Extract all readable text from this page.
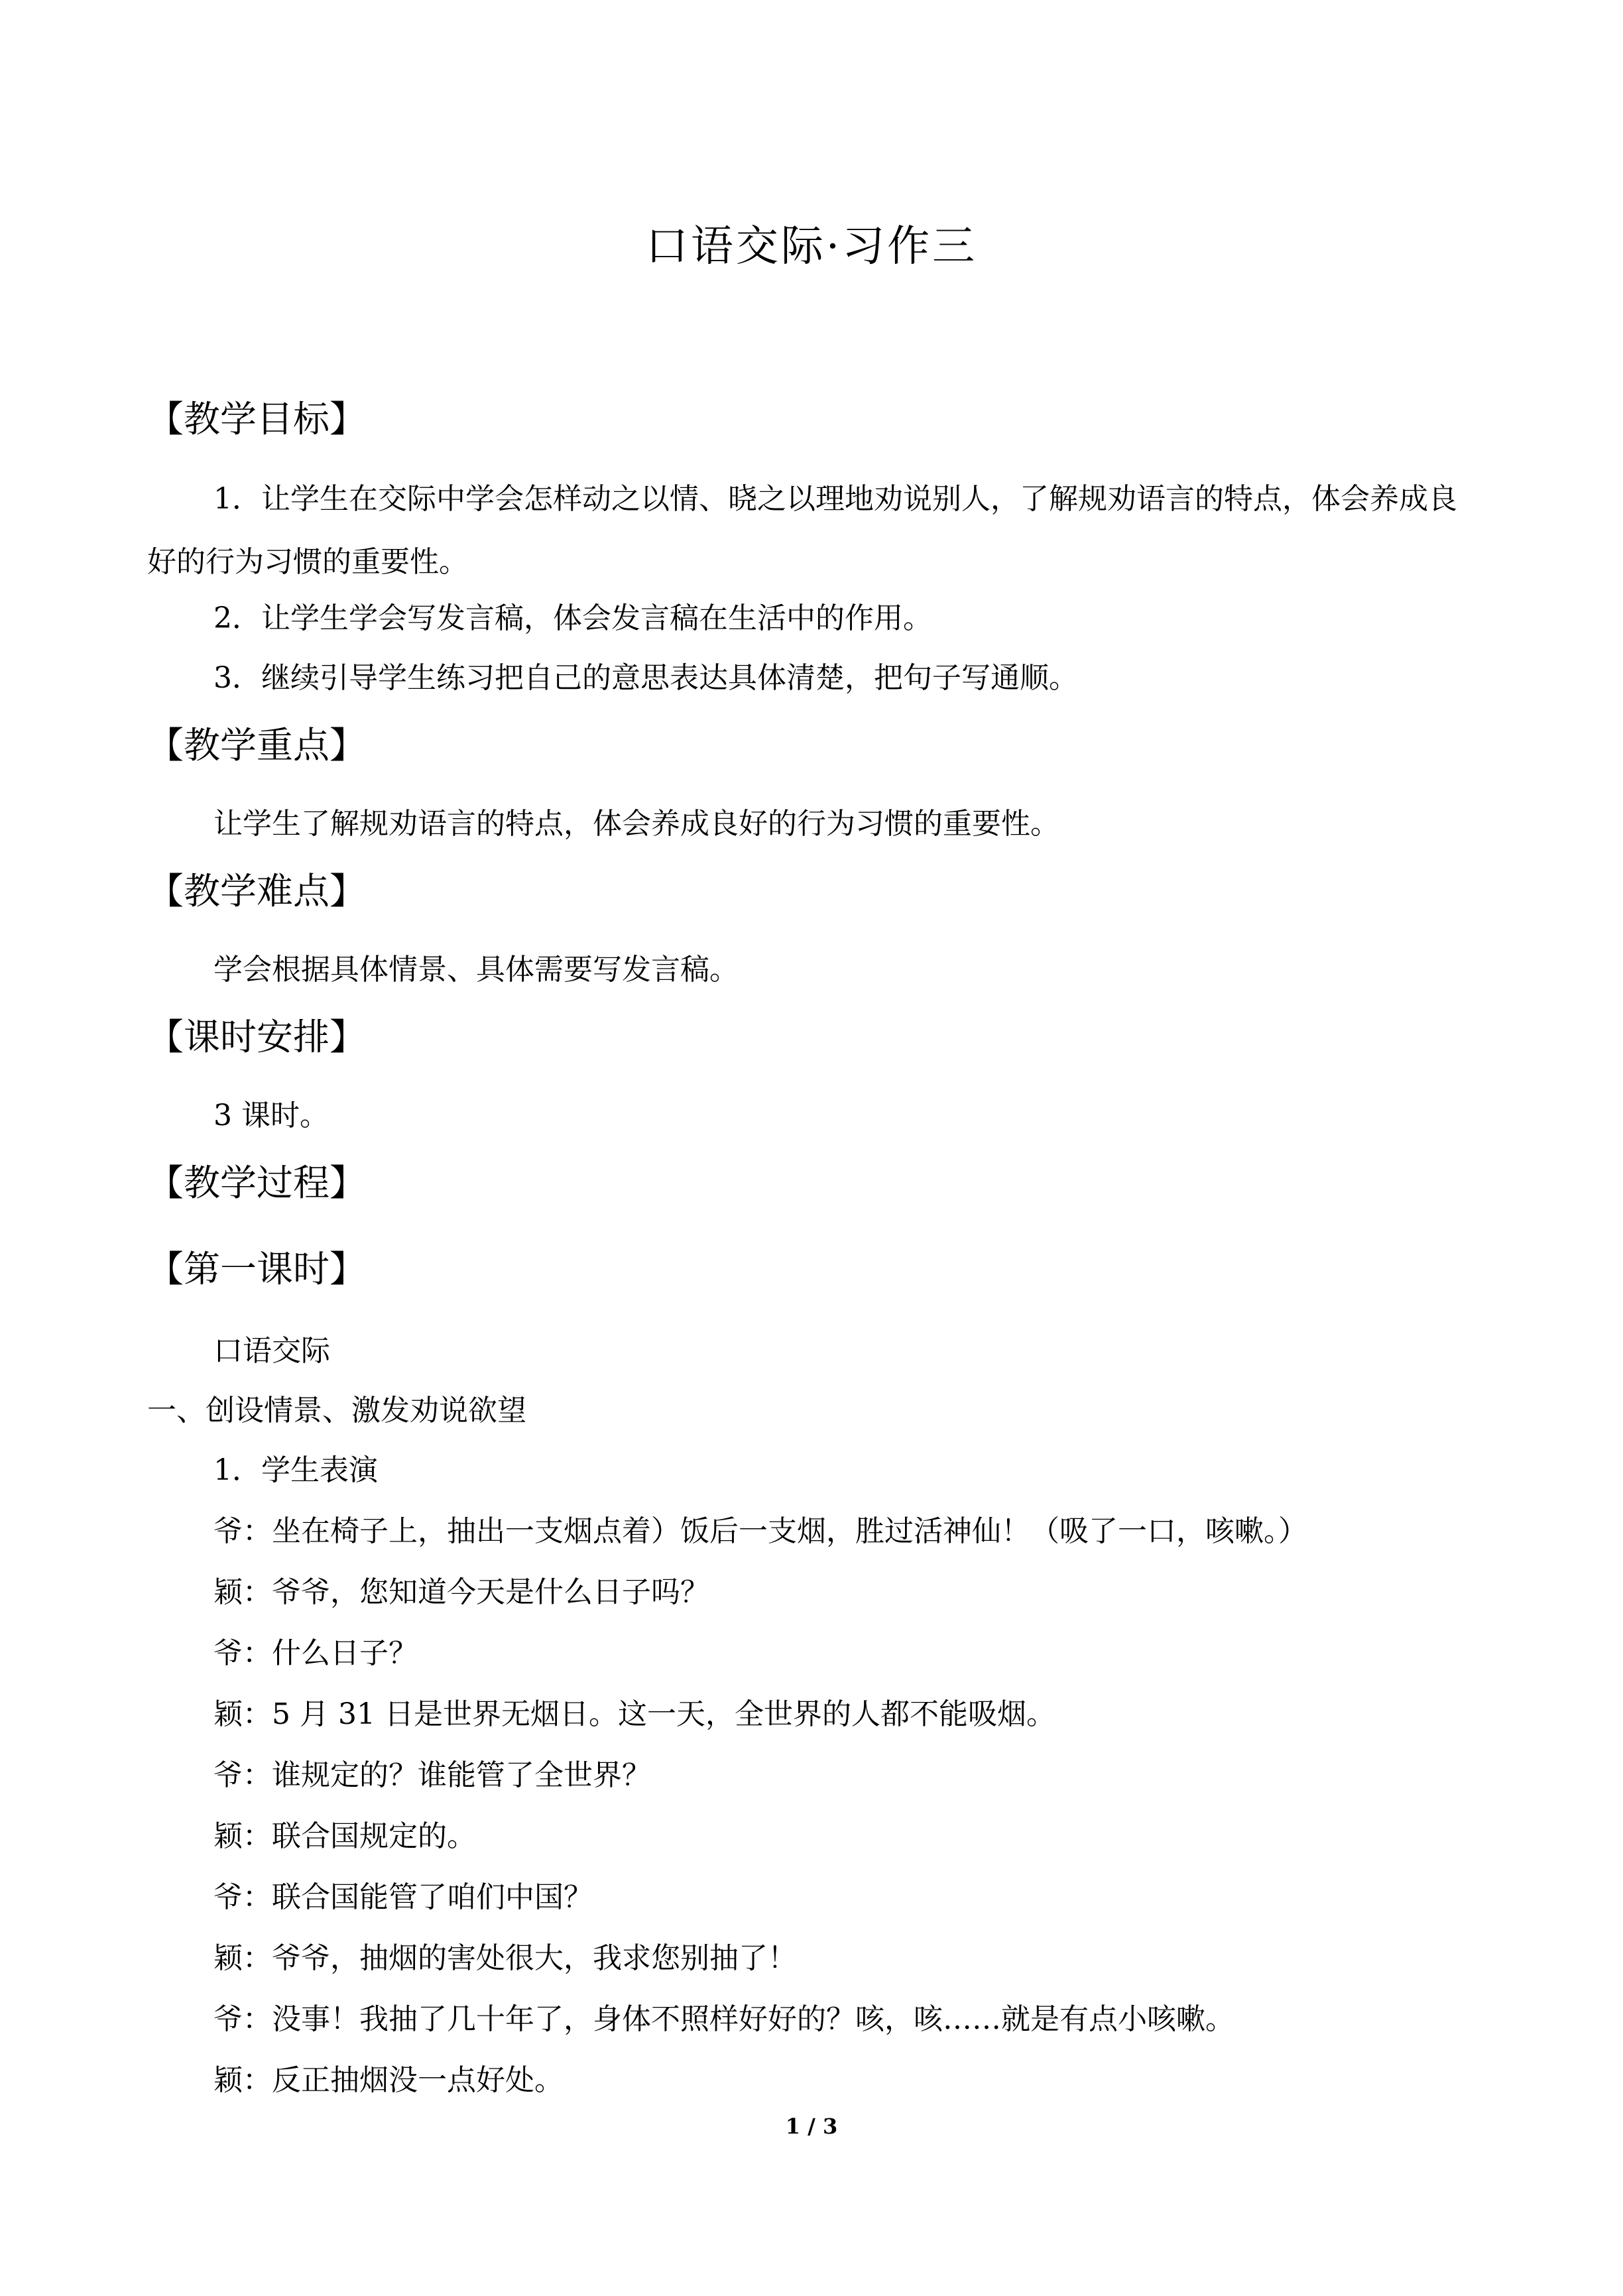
口语交际·习作三
【教学目标】
1．让学生在交际中学会怎样动之以情、晓之以理地劝说别人，了解规劝语言的特点，体会养成良好的行为习惯的重要性。
2．让学生学会写发言稿，体会发言稿在生活中的作用。
3．继续引导学生练习把自己的意思表达具体清楚，把句子写通顺。
【教学重点】
让学生了解规劝语言的特点，体会养成良好的行为习惯的重要性。
【教学难点】
学会根据具体情景、具体需要写发言稿。
【课时安排】
3 课时。
【教学过程】
【第一课时】
口语交际
一、创设情景、激发劝说欲望
1．学生表演
爷：坐在椅子上，抽出一支烟点着）饭后一支烟，胜过活神仙！（吸了一口，咳嗽。）
颖：爷爷，您知道今天是什么日子吗？
爷：什么日子？
颖：5 月 31 日是世界无烟日。这一天，全世界的人都不能吸烟。
爷：谁规定的？谁能管了全世界？
颖：联合国规定的。
爷：联合国能管了咱们中国？
颖：爷爷，抽烟的害处很大，我求您别抽了！
爷：没事！我抽了几十年了，身体不照样好好的？咳，咳……就是有点小咳嗽。
颖：反正抽烟没一点好处。
1 / 3
